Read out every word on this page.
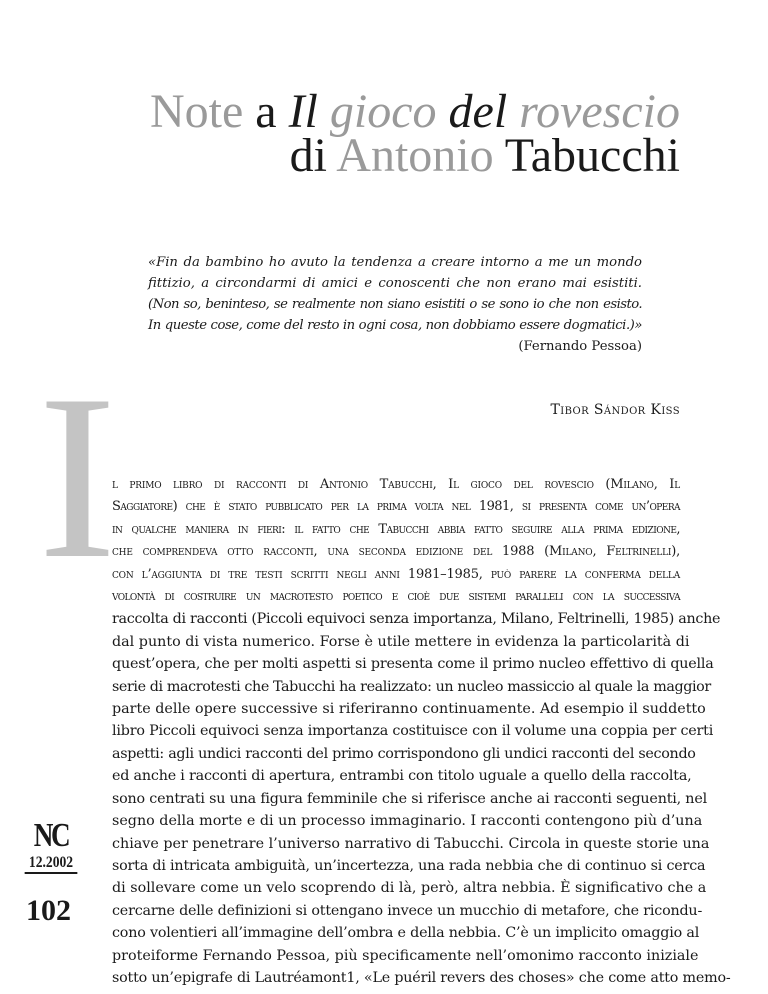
Note a Il gioco del rovescio
di Antonio Tabucchi
«Fin da bambino ho avuto la tendenza a creare intorno a me un mondo
fittizio, a circondarmi di amici e conoscenti che non erano mai esistiti.
(Non so, beninteso, se realmente non siano esistiti o se sono io che non esisto.
In queste cose, come del resto in ogni cosa, non dobbiamo essere dogmatici.)»
(Fernando Pessoa)
I	Tibor Sándor Kiss
l primo libro di racconti di Antonio Tabucchi, Il gioco del rovescio (Milano, Il
Saggiatore) che è stato pubblicato per la prima volta nel 1981, si presenta come un’opera
in qualche maniera in fieri: il fatto che Tabucchi abbia fatto seguire alla prima edizione,
che comprendeva otto racconti, una seconda edizione del 1988 (Milano, Feltrinelli),
con l’aggiunta di tre testi scritti negli anni 1981–1985, può parere la conferma della
volontà di costruire un macrotesto poetico e cioè due sistemi paralleli con la successiva
raccolta di racconti (Piccoli equivoci senza importanza, Milano, Feltrinelli, 1985) anche
dal punto di vista numerico. Forse è utile mettere in evidenza la particolarità di
quest’opera, che per molti aspetti si presenta come il primo nucleo effettivo di quella
serie di macrotesti che Tabucchi ha realizzato: un nucleo massiccio al quale la maggior
parte delle opere successive si riferiranno continuamente. Ad esempio il suddetto
libro Piccoli equivoci senza importanza costituisce con il volume una coppia per certi
aspetti: agli undici racconti del primo corrispondono gli undici racconti del secondo
ed anche i racconti di apertura, entrambi con titolo uguale a quello della raccolta,
sono centrati su una figura femminile che si riferisce anche ai racconti seguenti, nel
segno della morte e di un processo immaginario. I racconti contengono più d’una
chiave per penetrare l’universo narrativo di Tabucchi. Circola in queste storie una
sorta di intricata ambiguità, un’incertezza, una rada nebbia che di continuo si cerca
di sollevare come un velo scoprendo di là, però, altra nebbia. È significativo che a
cercarne delle definizioni si ottengano invece un mucchio di metafore, che ricondu-
cono volentieri all’immagine dell’ombra e della nebbia. C’è un implicito omaggio al
proteiforme Fernando Pessoa, più specificamente nell’omonimo racconto iniziale
sotto un’epigrafe di Lautréamont1, «Le puéril revers des choses» che come atto memo-
NC
12.2002
102
